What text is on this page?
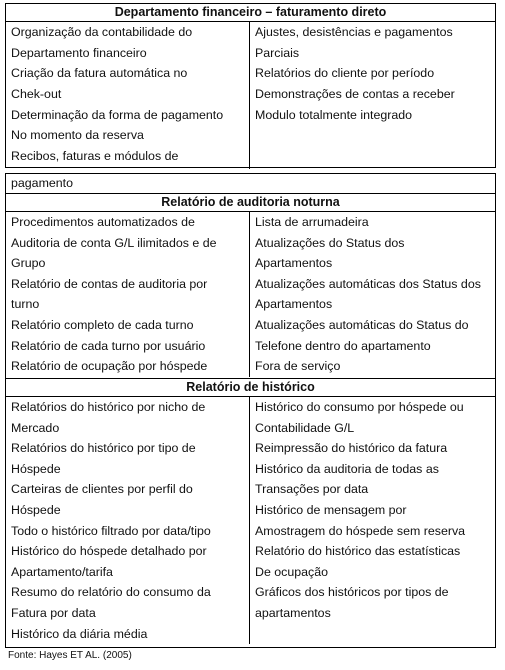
Departamento financeiro – faturamento direto
Organização da contabilidade do
Departamento financeiro
Criação da fatura automática no
Chek-out
Determinação da forma de pagamento
No momento da reserva
Recibos, faturas e módulos de
Ajustes, desistências e pagamentos
Parciais
Relatórios do cliente por período
Demonstrações de contas a receber
Modulo totalmente integrado
pagamento
Relatório de auditoria noturna
Procedimentos automatizados de
Auditoria de conta G/L ilimitados e de
Grupo
Relatório de contas de auditoria por
turno
Relatório completo de cada turno
Relatório de cada turno por usuário
Relatório de ocupação por hóspede
Lista de arrumadeira
Atualizações do Status dos
Apartamentos
Atualizações automáticas dos Status dos
Apartamentos
Atualizações automáticas do Status do
Telefone dentro do apartamento
Fora de serviço
Relatório de histórico
Relatórios do histórico por nicho de
Mercado
Relatórios do histórico por tipo de
Hóspede
Carteiras de clientes por perfil do
Hóspede
Todo o histórico filtrado por data/tipo
Histórico do hóspede detalhado por
Apartamento/tarifa
Resumo do relatório do consumo da
Fatura por data
Histórico da diária média
Histórico do consumo por hóspede ou
Contabilidade G/L
Reimpressão do histórico da fatura
Histórico da auditoria de todas as
Transações por data
Histórico de mensagem por
Amostragem do hóspede sem reserva
Relatório do histórico das estatísticas
De ocupação
Gráficos dos históricos por tipos de
apartamentos
Fonte: Hayes ET AL. (2005)
